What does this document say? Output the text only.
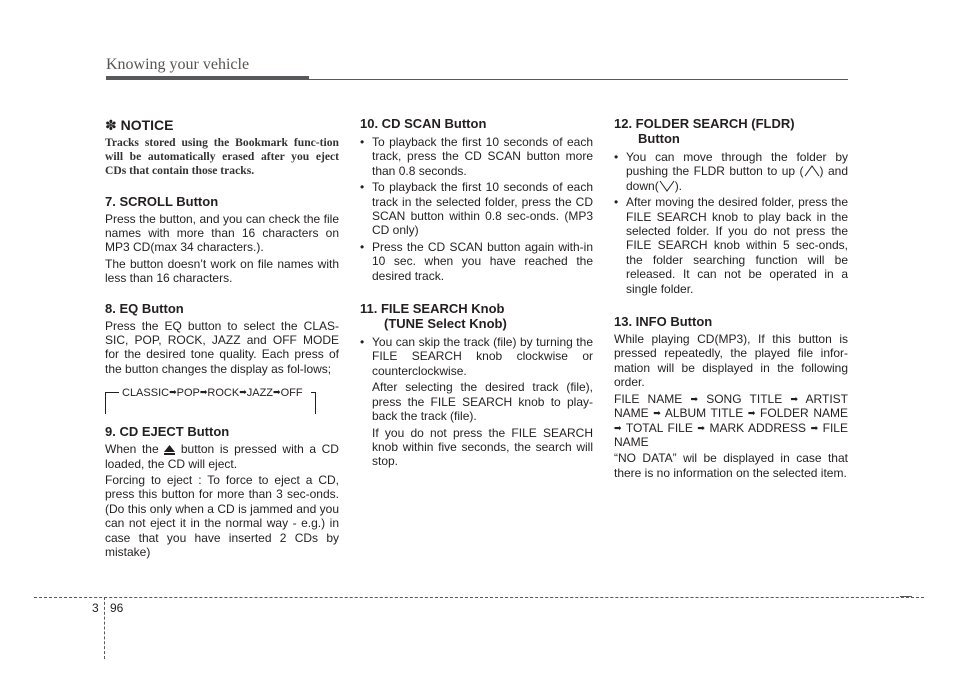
Knowing your vehicle
✽ NOTICE

Tracks stored using the Bookmark func-tion will be automatically erased after you eject CDs that contain those tracks.

7. SCROLL Button

Press the button, and you can check the file names with more than 16 characters on MP3 CD(max 34 characters.).

The button doesn’t work on file names with less than 16 characters.

8. EQ Button

Press the EQ button to select the CLAS-SIC, POP, ROCK, JAZZ and OFF MODE for the desired tone quality. Each press of the button changes the display as fol-lows;

CLASSIC➡POP➡ROCK➡JAZZ➡OFF
9. CD EJECT Button

When the button is pressed with a CD loaded, the CD will eject.

Forcing to eject : To force to eject a CD, press this button for more than 3 sec-onds. (Do this only when a CD is jammed and you can not eject it in the normal way - e.g.) in case that you have inserted 2 CDs by mistake)

10. CD SCAN Button
• To playback the first 10 seconds of each track, press the CD SCAN button more than 0.8 seconds.
• To playback the first 10 seconds of each track in the selected folder, press the CD SCAN button within 0.8 sec-onds. (MP3 CD only)
• Press the CD SCAN button again with-in 10 sec. when you have reached the desired track.
11. FILE SEARCH Knob
(TUNE Select Knob)
• You can skip the track (file) by turning the FILE SEARCH knob clockwise or counterclockwise.

After selecting the desired track (file), press the FILE SEARCH knob to play-back the track (file).

If you do not press the FILE SEARCH knob within five seconds, the search will stop.

12. FOLDER SEARCH (FLDR)
Button
• You can move through the folder by pushing the FLDR button to up ( ) and down( ).
• After moving the desired folder, press the FILE SEARCH knob to play back in the selected folder. If you do not press the FILE SEARCH knob within 5 sec-onds, the folder searching function will be released. It can not be operated in a single folder.
13. INFO Button

While playing CD(MP3), If this button is pressed repeatedly, the played file infor-mation will be displayed in the following order.

FILE NAME ➡ SONG TITLE ➡ ARTIST NAME ➡ ALBUM TITLE ➡ FOLDER NAME ➡ TOTAL FILE ➡ MARK ADDRESS ➡ FILE NAME

“NO DATA” wil be displayed in case that there is no information on the selected item.

3 96
